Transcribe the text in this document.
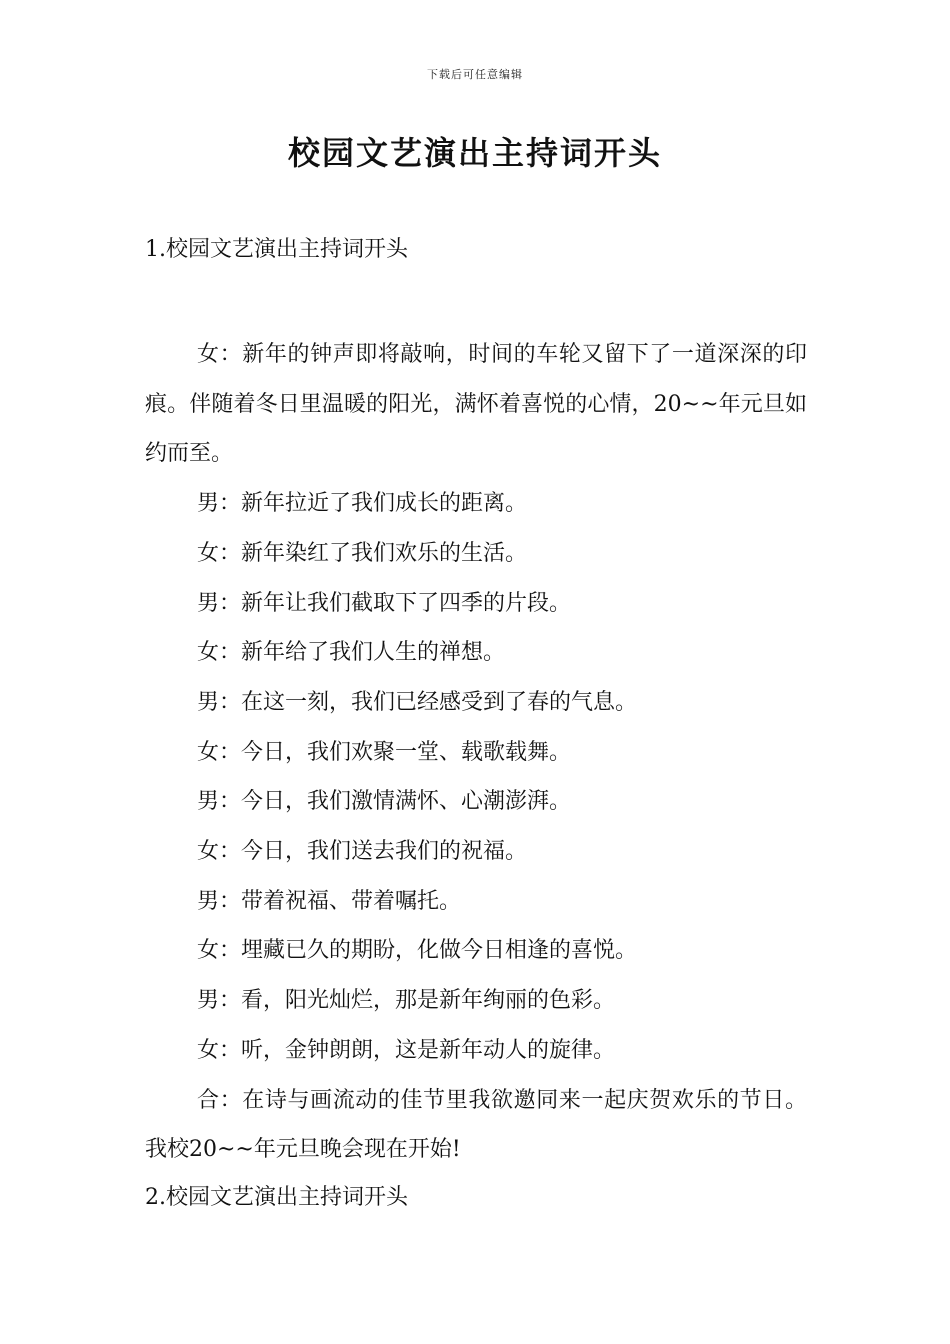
下载后可任意编辑
校园文艺演出主持词开头
1.校园文艺演出主持词开头

女：新年的钟声即将敲响，时间的车轮又留下了一道深深的印痕。伴随着冬日里温暖的阳光，满怀着喜悦的心情，20~~年元旦如约而至。

男：新年拉近了我们成长的距离。

女：新年染红了我们欢乐的生活。

男：新年让我们截取下了四季的片段。

女：新年给了我们人生的禅想。

男：在这一刻，我们已经感受到了春的气息。

女：今日，我们欢聚一堂、载歌载舞。

男：今日，我们激情满怀、心潮澎湃。

女：今日，我们送去我们的祝福。

男：带着祝福、带着嘱托。

女：埋藏已久的期盼，化做今日相逢的喜悦。

男：看，阳光灿烂，那是新年绚丽的色彩。

女：听，金钟朗朗，这是新年动人的旋律。

合：在诗与画流动的佳节里我欲邀同来一起庆贺欢乐的节日。我校20~~年元旦晚会现在开始!

2.校园文艺演出主持词开头
